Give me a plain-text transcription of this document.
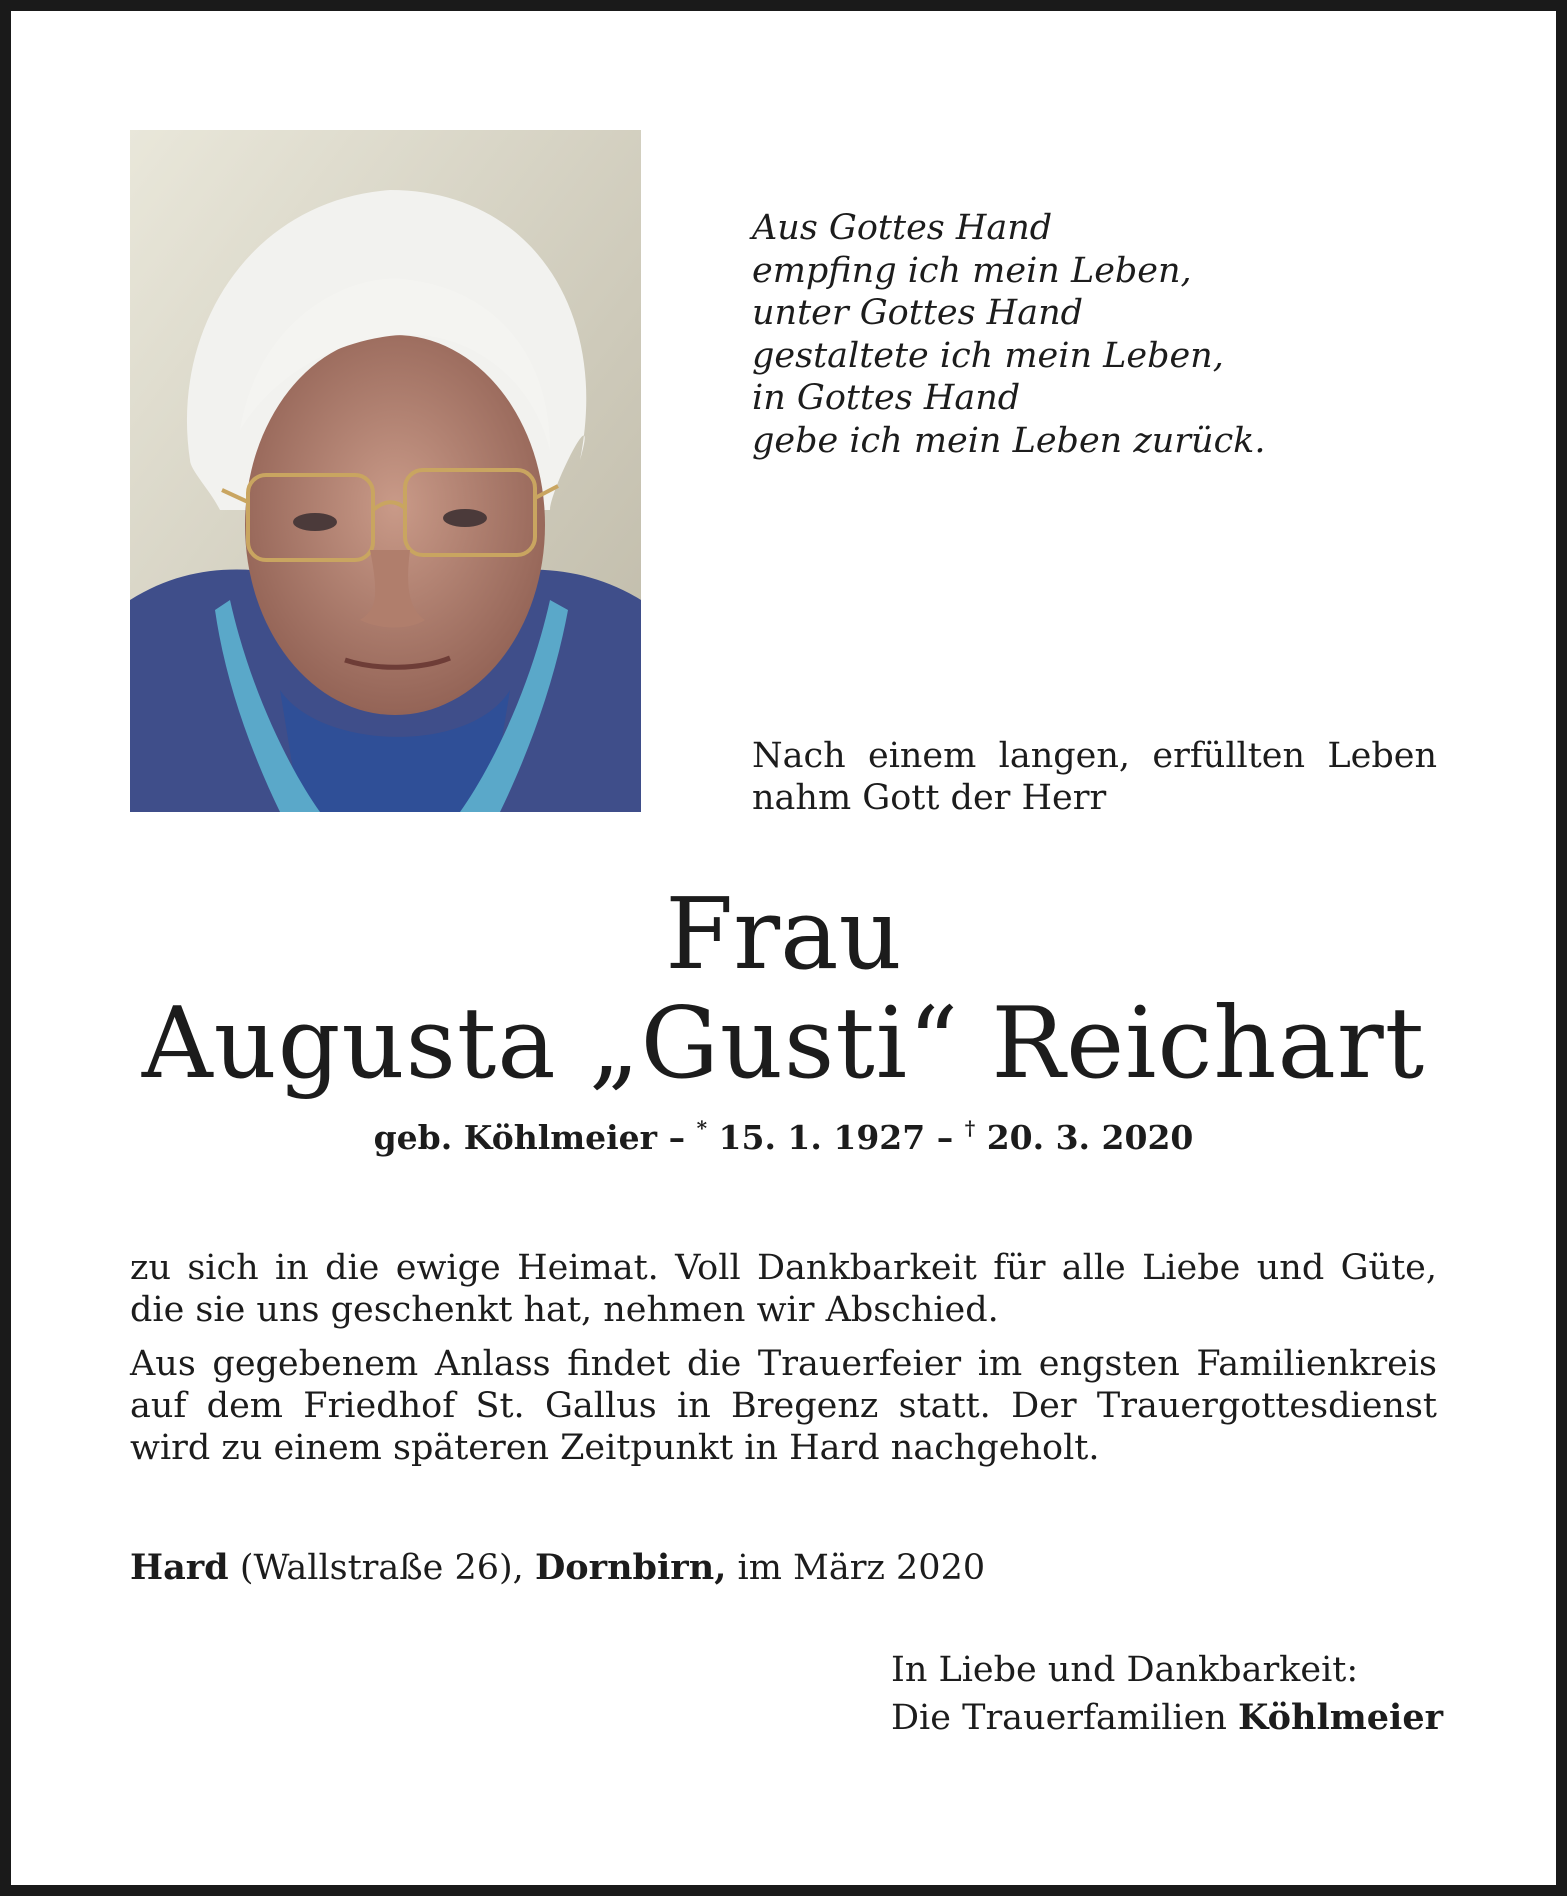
Aus Gottes Hand
empfing ich mein Leben,
unter Gottes Hand
gestaltete ich mein Leben,
in Gottes Hand
gebe ich mein Leben zurück.
Nach einem langen, erfüllten Leben nahm Gott der Herr
Frau
Augusta „Gusti“ Reichart
geb. Köhlmeier – * 15. 1. 1927 – † 20. 3. 2020

zu sich in die ewige Heimat. Voll Dankbarkeit für alle Liebe und Güte, die sie uns geschenkt hat, nehmen wir Abschied.

Aus gegebenem Anlass findet die Trauerfeier im engsten Familienkreis auf dem Friedhof St. Gallus in Bregenz statt. Der Trauergottesdienst wird zu einem späteren Zeitpunkt in Hard nachgeholt.

Hard (Wallstraße 26), Dornbirn, im März 2020
In Liebe und Dankbarkeit:
Die Trauerfamilien Köhlmeier
